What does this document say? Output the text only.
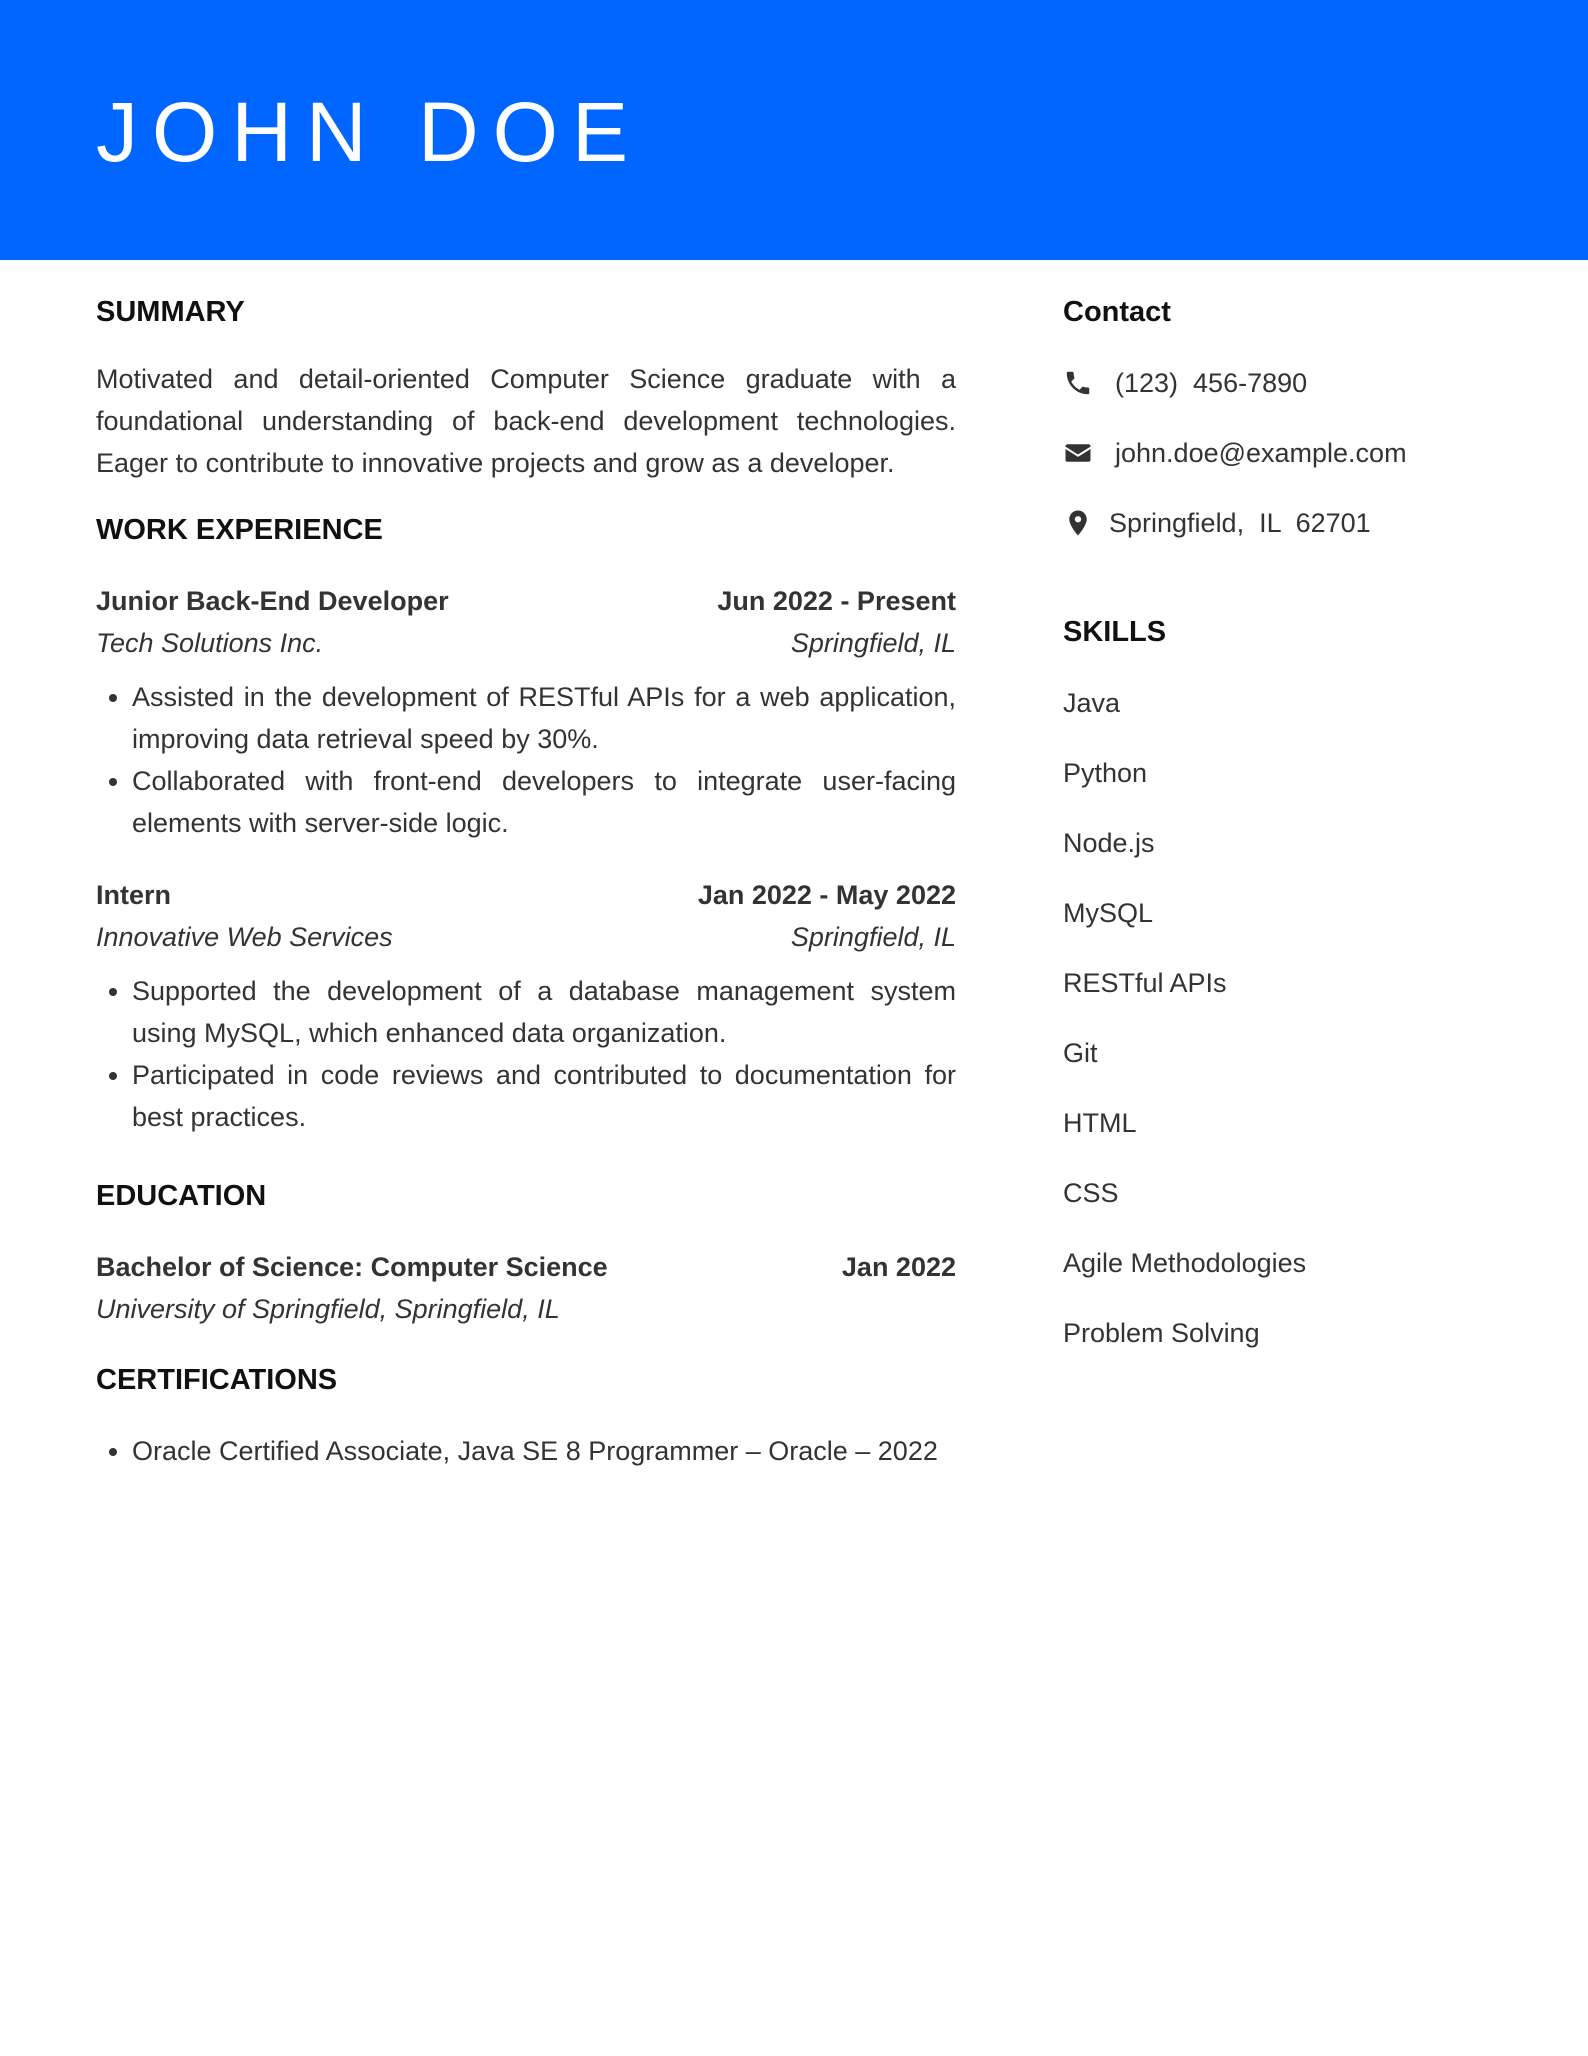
JOHN DOE
SUMMARY
Motivated and detail-oriented Computer Science graduate with a foundational understanding of back-end development technologies. Eager to contribute to innovative projects and grow as a developer.
WORK EXPERIENCE
Junior Back-End Developer	Jun 2022 - Present
Tech Solutions Inc.	Springfield, IL
• Assisted in the development of RESTful APIs for a web application, improving data retrieval speed by 30%.
• Collaborated with front-end developers to integrate user-facing elements with server-side logic.
Intern	Jan 2022 - May 2022
Innovative Web Services	Springfield, IL
• Supported the development of a database management system using MySQL, which enhanced data organization.
• Participated in code reviews and contributed to documentation for best practices.
EDUCATION
Bachelor of Science: Computer Science	Jan 2022
University of Springfield, Springfield, IL
CERTIFICATIONS
• Oracle Certified Associate, Java SE 8 Programmer – Oracle – 2022
Contact
(123)  456-7890
john.doe@example.com
Springfield,  IL  62701
SKILLS
Java
Python
Node.js
MySQL
RESTful APIs
Git
HTML
CSS
Agile Methodologies
Problem Solving
